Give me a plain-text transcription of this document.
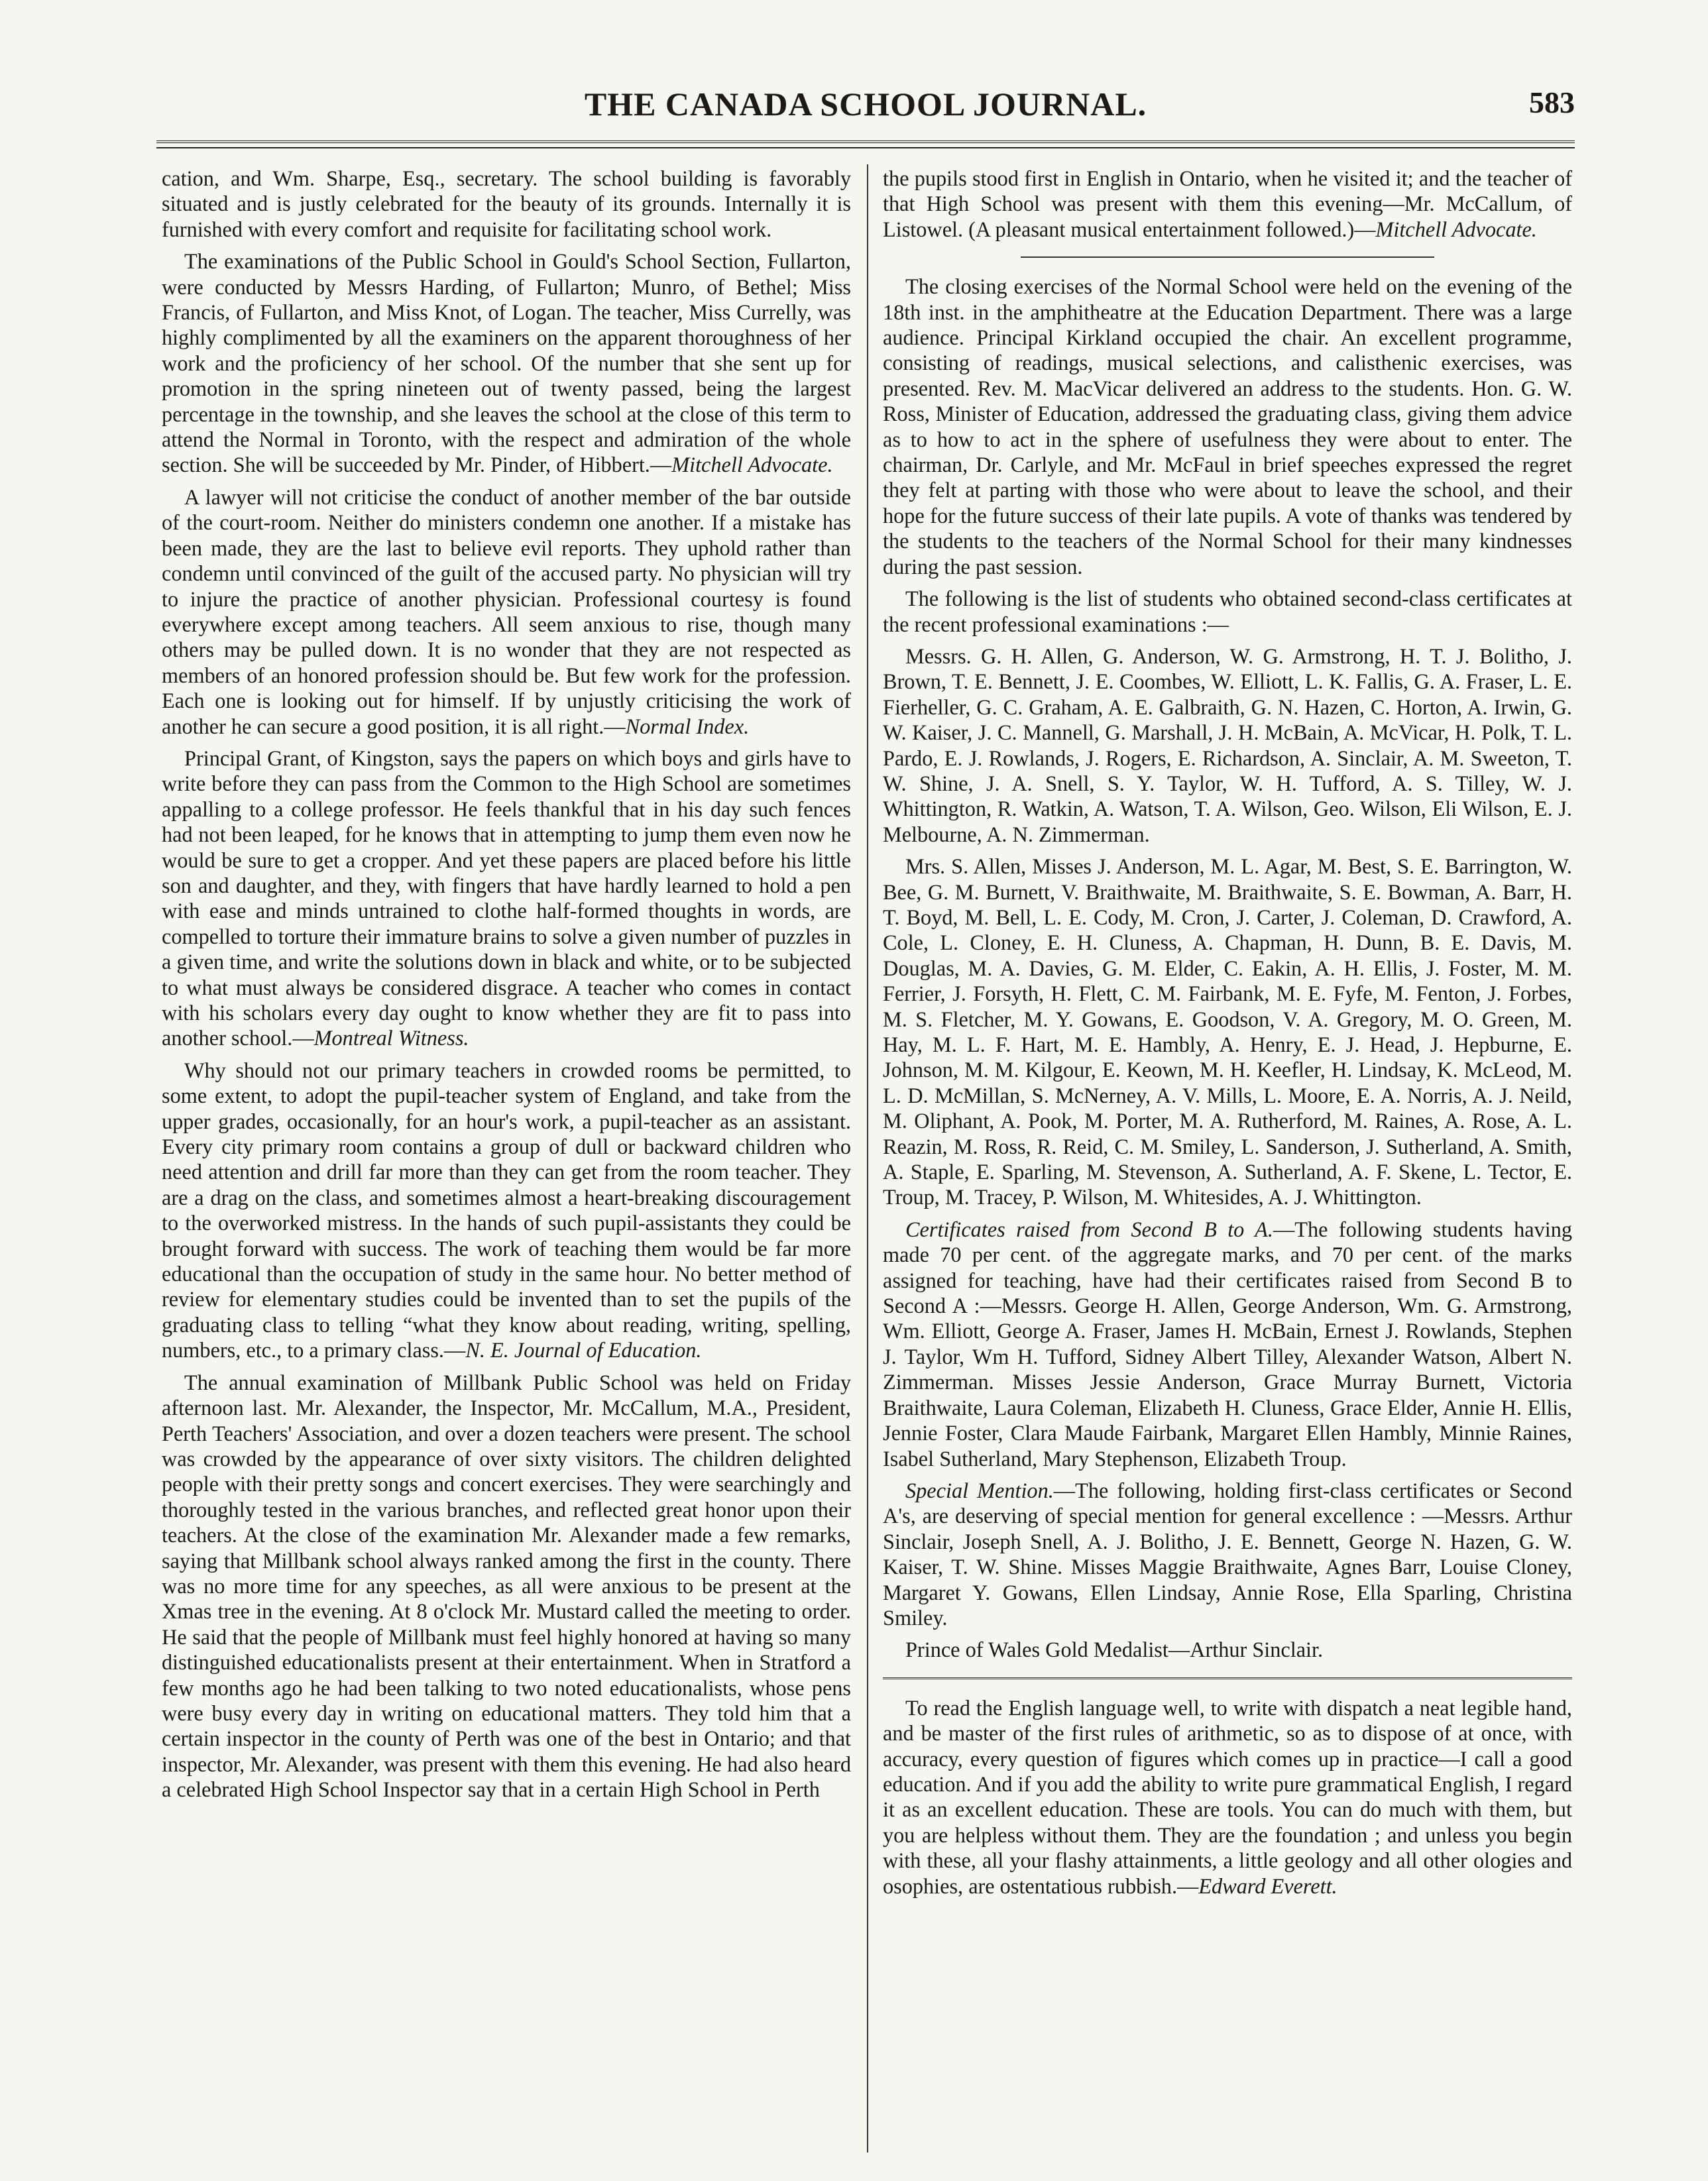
THE CANADA SCHOOL JOURNAL.	583

cation, and Wm. Sharpe, Esq., secretary. The school building is favorably situated and is justly celebrated for the beauty of its grounds. Internally it is furnished with every comfort and requisite for facilitating school work.

The examinations of the Public School in Gould's School Section, Fullarton, were conducted by Messrs Harding, of Fullarton; Munro, of Bethel; Miss Francis, of Fullarton, and Miss Knot, of Logan. The teacher, Miss Currelly, was highly complimented by all the examiners on the apparent thoroughness of her work and the proficiency of her school. Of the number that she sent up for promotion in the spring nineteen out of twenty passed, being the largest percentage in the township, and she leaves the school at the close of this term to attend the Normal in Toronto, with the respect and admiration of the whole section. She will be succeeded by Mr. Pinder, of Hibbert.—Mitchell Advocate.

A lawyer will not criticise the conduct of another member of the bar outside of the court-room. Neither do ministers condemn one another. If a mistake has been made, they are the last to believe evil reports. They uphold rather than condemn until convinced of the guilt of the accused party. No physician will try to injure the practice of another physician. Professional courtesy is found everywhere except among teachers. All seem anxious to rise, though many others may be pulled down. It is no wonder that they are not respected as members of an honored profession should be. But few work for the profession. Each one is looking out for himself. If by unjustly criticising the work of another he can secure a good position, it is all right.—Normal Index.

Principal Grant, of Kingston, says the papers on which boys and girls have to write before they can pass from the Common to the High School are sometimes appalling to a college professor. He feels thankful that in his day such fences had not been leaped, for he knows that in attempting to jump them even now he would be sure to get a cropper. And yet these papers are placed before his little son and daughter, and they, with fingers that have hardly learned to hold a pen with ease and minds untrained to clothe half-formed thoughts in words, are compelled to torture their immature brains to solve a given number of puzzles in a given time, and write the solutions down in black and white, or to be subjected to what must always be considered disgrace. A teacher who comes in contact with his scholars every day ought to know whether they are fit to pass into another school.—Montreal Witness.

Why should not our primary teachers in crowded rooms be permitted, to some extent, to adopt the pupil-teacher system of England, and take from the upper grades, occasionally, for an hour's work, a pupil-teacher as an assistant. Every city primary room contains a group of dull or backward children who need attention and drill far more than they can get from the room teacher. They are a drag on the class, and sometimes almost a heart-breaking discouragement to the overworked mistress. In the hands of such pupil-assistants they could be brought forward with success. The work of teaching them would be far more educational than the occupation of study in the same hour. No better method of review for elementary studies could be invented than to set the pupils of the graduating class to telling “what they know about reading, writing, spelling, numbers, etc., to a primary class.—N. E. Journal of Education.

The annual examination of Millbank Public School was held on Friday afternoon last. Mr. Alexander, the Inspector, Mr. McCallum, M.A., President, Perth Teachers' Association, and over a dozen teachers were present. The school was crowded by the appearance of over sixty visitors. The children delighted people with their pretty songs and concert exercises. They were searchingly and thoroughly tested in the various branches, and reflected great honor upon their teachers. At the close of the examination Mr. Alexander made a few remarks, saying that Millbank school always ranked among the first in the county. There was no more time for any speeches, as all were anxious to be present at the Xmas tree in the evening. At 8 o'clock Mr. Mustard called the meeting to order. He said that the people of Millbank must feel highly honored at having so many distinguished educationalists present at their entertainment. When in Stratford a few months ago he had been talking to two noted educationalists, whose pens were busy every day in writing on educational matters. They told him that a certain inspector in the county of Perth was one of the best in Ontario; and that inspector, Mr. Alexander, was present with them this evening. He had also heard a celebrated High School Inspector say that in a certain High School in Perth

the pupils stood first in English in Ontario, when he visited it; and the teacher of that High School was present with them this evening—Mr. McCallum, of Listowel. (A pleasant musical entertainment followed.)—Mitchell Advocate.

The closing exercises of the Normal School were held on the evening of the 18th inst. in the amphitheatre at the Education Department. There was a large audience. Principal Kirkland occupied the chair. An excellent programme, consisting of readings, musical selections, and calisthenic exercises, was presented. Rev. M. MacVicar delivered an address to the students. Hon. G. W. Ross, Minister of Education, addressed the graduating class, giving them advice as to how to act in the sphere of usefulness they were about to enter. The chairman, Dr. Carlyle, and Mr. McFaul in brief speeches expressed the regret they felt at parting with those who were about to leave the school, and their hope for the future success of their late pupils. A vote of thanks was tendered by the students to the teachers of the Normal School for their many kindnesses during the past session.

The following is the list of students who obtained second-class certificates at the recent professional examinations :—

Messrs. G. H. Allen, G. Anderson, W. G. Armstrong, H. T. J. Bolitho, J. Brown, T. E. Bennett, J. E. Coombes, W. Elliott, L. K. Fallis, G. A. Fraser, L. E. Fierheller, G. C. Graham, A. E. Galbraith, G. N. Hazen, C. Horton, A. Irwin, G. W. Kaiser, J. C. Mannell, G. Marshall, J. H. McBain, A. McVicar, H. Polk, T. L. Pardo, E. J. Rowlands, J. Rogers, E. Richardson, A. Sinclair, A. M. Sweeton, T. W. Shine, J. A. Snell, S. Y. Taylor, W. H. Tufford, A. S. Tilley, W. J. Whittington, R. Watkin, A. Watson, T. A. Wilson, Geo. Wilson, Eli Wilson, E. J. Melbourne, A. N. Zimmerman.

Mrs. S. Allen, Misses J. Anderson, M. L. Agar, M. Best, S. E. Barrington, W. Bee, G. M. Burnett, V. Braithwaite, M. Braithwaite, S. E. Bowman, A. Barr, H. T. Boyd, M. Bell, L. E. Cody, M. Cron, J. Carter, J. Coleman, D. Crawford, A. Cole, L. Cloney, E. H. Cluness, A. Chapman, H. Dunn, B. E. Davis, M. Douglas, M. A. Davies, G. M. Elder, C. Eakin, A. H. Ellis, J. Foster, M. M. Ferrier, J. Forsyth, H. Flett, C. M. Fairbank, M. E. Fyfe, M. Fenton, J. Forbes, M. S. Fletcher, M. Y. Gowans, E. Goodson, V. A. Gregory, M. O. Green, M. Hay, M. L. F. Hart, M. E. Hambly, A. Henry, E. J. Head, J. Hepburne, E. Johnson, M. M. Kilgour, E. Keown, M. H. Keefler, H. Lindsay, K. McLeod, M. L. D. McMillan, S. McNerney, A. V. Mills, L. Moore, E. A. Norris, A. J. Neild, M. Oliphant, A. Pook, M. Porter, M. A. Rutherford, M. Raines, A. Rose, A. L. Reazin, M. Ross, R. Reid, C. M. Smiley, L. Sanderson, J. Sutherland, A. Smith, A. Staple, E. Sparling, M. Stevenson, A. Sutherland, A. F. Skene, L. Tector, E. Troup, M. Tracey, P. Wilson, M. Whitesides, A. J. Whittington.

Certificates raised from Second B to A.—The following students having made 70 per cent. of the aggregate marks, and 70 per cent. of the marks assigned for teaching, have had their certificates raised from Second B to Second A :—Messrs. George H. Allen, George Anderson, Wm. G. Armstrong, Wm. Elliott, George A. Fraser, James H. McBain, Ernest J. Rowlands, Stephen J. Taylor, Wm H. Tufford, Sidney Albert Tilley, Alexander Watson, Albert N. Zimmerman. Misses Jessie Anderson, Grace Murray Burnett, Victoria Braithwaite, Laura Coleman, Elizabeth H. Cluness, Grace Elder, Annie H. Ellis, Jennie Foster, Clara Maude Fairbank, Margaret Ellen Hambly, Minnie Raines, Isabel Sutherland, Mary Stephenson, Elizabeth Troup.

Special Mention.—The following, holding first-class certificates or Second A's, are deserving of special mention for general excellence : —Messrs. Arthur Sinclair, Joseph Snell, A. J. Bolitho, J. E. Bennett, George N. Hazen, G. W. Kaiser, T. W. Shine. Misses Maggie Braithwaite, Agnes Barr, Louise Cloney, Margaret Y. Gowans, Ellen Lindsay, Annie Rose, Ella Sparling, Christina Smiley.

Prince of Wales Gold Medalist—Arthur Sinclair.

To read the English language well, to write with dispatch a neat legible hand, and be master of the first rules of arithmetic, so as to dispose of at once, with accuracy, every question of figures which comes up in practice—I call a good education. And if you add the ability to write pure grammatical English, I regard it as an excellent education. These are tools. You can do much with them, but you are helpless without them. They are the foundation ; and unless you begin with these, all your flashy attainments, a little geology and all other ologies and osophies, are ostentatious rubbish.—Edward Everett.
